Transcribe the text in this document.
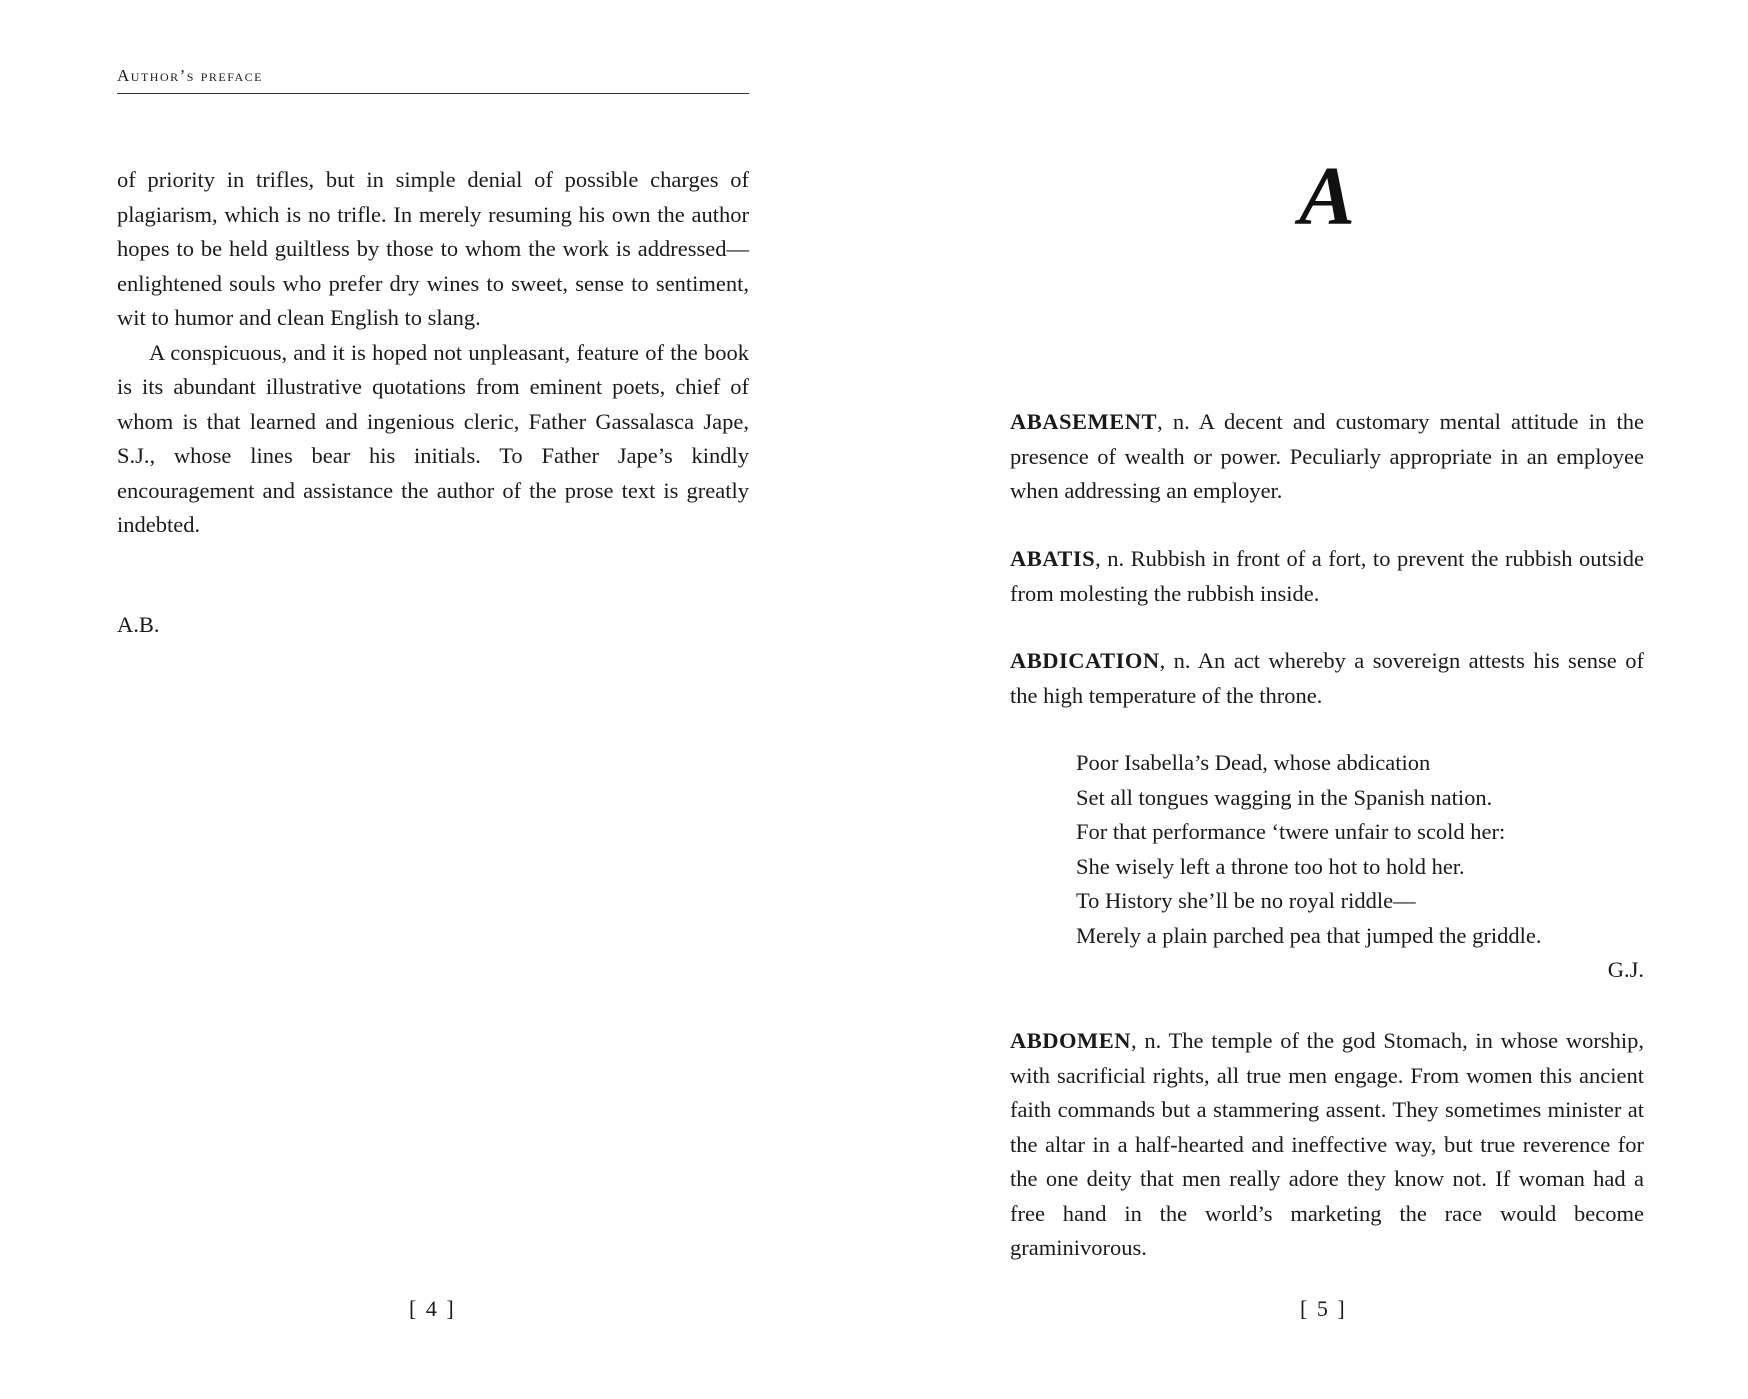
Author’s preface

of priority in trifles, but in simple denial of possible charges of plagiarism, which is no trifle. In merely resuming his own the author hopes to be held guiltless by those to whom the work is addressed—enlightened souls who prefer dry wines to sweet, sense to sentiment, wit to humor and clean English to slang.

A conspicuous, and it is hoped not unpleasant, feature of the book is its abundant illustrative quotations from eminent poets, chief of whom is that learned and ingenious cleric, Father Gassalasca Jape, S.J., whose lines bear his initials. To Father Jape’s kindly encouragement and assistance the author of the prose text is greatly indebted.

A.B.
[ 4 ]
A

ABASEMENT, n. A decent and customary mental attitude in the presence of wealth or power. Peculiarly appropriate in an employee when addressing an employer.

ABATIS, n. Rubbish in front of a fort, to prevent the rubbish outside from molesting the rubbish inside.

ABDICATION, n. An act whereby a sovereign attests his sense of the high temperature of the throne.

Poor Isabella’s Dead, whose abdication
Set all tongues wagging in the Spanish nation.
For that performance ‘twere unfair to scold her:
She wisely left a throne too hot to hold her.
To History she’ll be no royal riddle—
Merely a plain parched pea that jumped the griddle.
G.J.

ABDOMEN, n. The temple of the god Stomach, in whose worship, with sacrificial rights, all true men engage. From women this ancient faith commands but a stammering assent. They sometimes minister at the altar in a half-hearted and ineffective way, but true reverence for the one deity that men really adore they know not. If woman had a free hand in the world’s marketing the race would become graminivorous.

[ 5 ]
